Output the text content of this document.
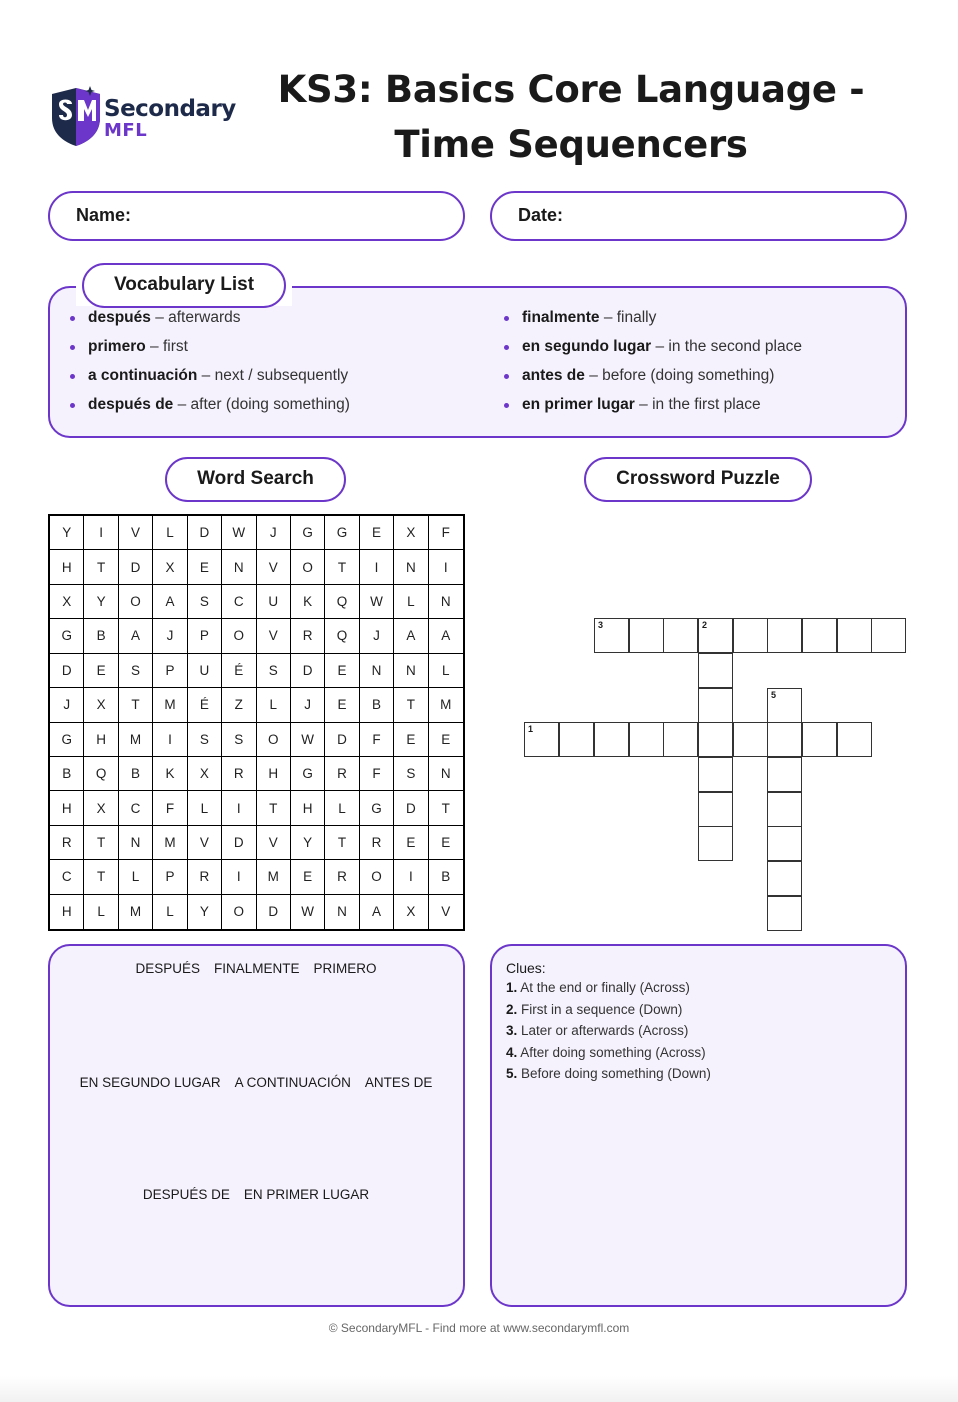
Secondary
MFL
KS3: Basics Core Language - Time Sequencers
Name:	Date:
Vocabulary List
después – afterwards
primero – first
a continuación – next / subsequently
después de – after (doing something)
finalmente – finally
en segundo lugar – in the second place
antes de – before (doing something)
en primer lugar – in the first place
Word Search	Crossword Puzzle
Y	I	V	L	D	W	J	G	G	E	X	F
H	T	D	X	E	N	V	O	T	I	N	I
X	Y	O	A	S	C	U	K	Q	W	L	N
G	B	A	J	P	O	V	R	Q	J	A	A
D	E	S	P	U	É	S	D	E	N	N	L
J	X	T	M	É	Z	L	J	E	B	T	M
G	H	M	I	S	S	O	W	D	F	E	E
B	Q	B	K	X	R	H	G	R	F	S	N
H	X	C	F	L	I	T	H	L	G	D	T
R	T	N	M	V	D	V	Y	T	R	E	E
C	T	L	P	R	I	M	E	R	O	I	B
H	L	M	L	Y	O	D	W	N	A	X	V
3	2
5
1
DESPUÉS FINALMENTE PRIMERO
EN SEGUNDO LUGAR A CONTINUACIÓN ANTES DE
DESPUÉS DE EN PRIMER LUGAR
Clues:
1. At the end or finally (Across)
2. First in a sequence (Down)
3. Later or afterwards (Across)
4. After doing something (Across)
5. Before doing something (Down)
© SecondaryMFL - Find more at www.secondarymfl.com
